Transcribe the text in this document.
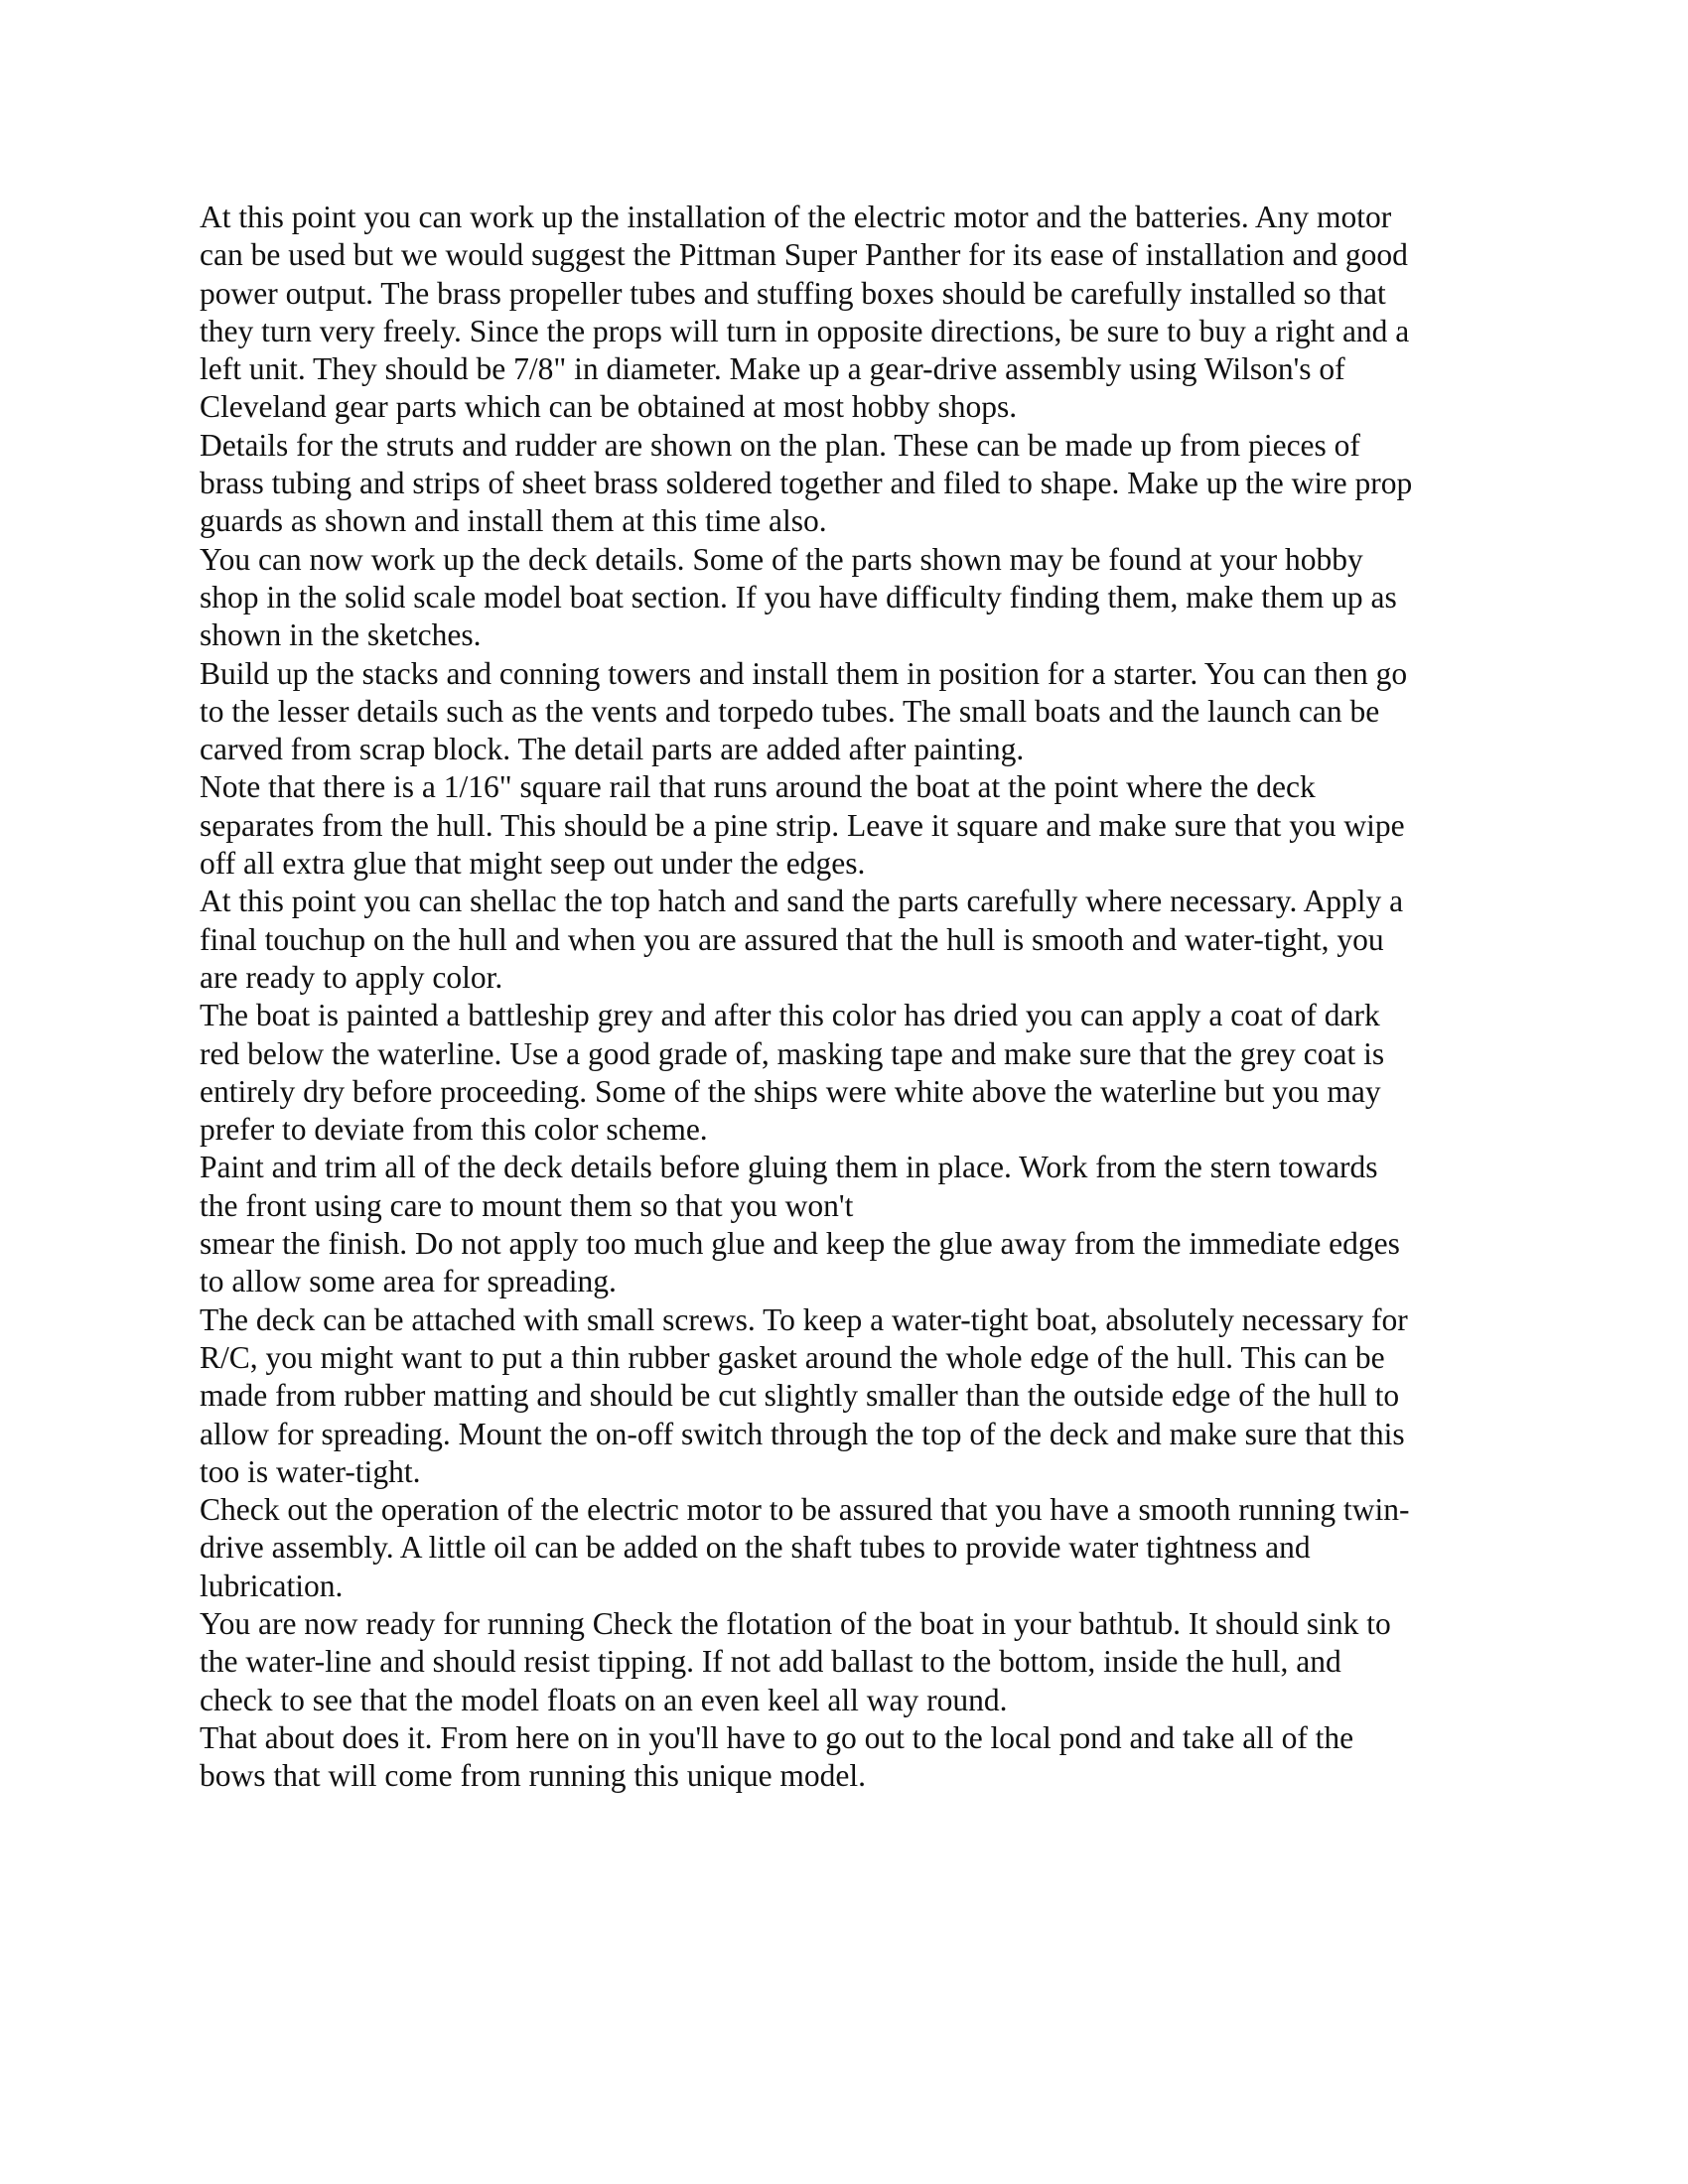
At this point you can work up the installation of the electric motor and the batteries. Any motor
can be used but we would suggest the Pittman Super Panther for its ease of installation and good
power output. The brass propeller tubes and stuffing boxes should be carefully installed so that
they turn very freely. Since the props will turn in opposite directions, be sure to buy a right and a
left unit. They should be 7/8" in diameter. Make up a gear-drive assembly using Wilson's of
Cleveland gear parts which can be obtained at most hobby shops.
Details for the struts and rudder are shown on the plan. These can be made up from pieces of
brass tubing and strips of sheet brass soldered together and filed to shape. Make up the wire prop
guards as shown and install them at this time also.
You can now work up the deck details. Some of the parts shown may be found at your hobby
shop in the solid scale model boat section. If you have difficulty finding them, make them up as
shown in the sketches.
Build up the stacks and conning towers and install them in position for a starter. You can then go
to the lesser details such as the vents and torpedo tubes. The small boats and the launch can be
carved from scrap block. The detail parts are added after painting.
Note that there is a 1/16" square rail that runs around the boat at the point where the deck
separates from the hull. This should be a pine strip. Leave it square and make sure that you wipe
off all extra glue that might seep out under the edges.
At this point you can shellac the top hatch and sand the parts carefully where necessary. Apply a
final touchup on the hull and when you are assured that the hull is smooth and water-tight, you
are ready to apply color.
The boat is painted a battleship grey and after this color has dried you can apply a coat of dark
red below the waterline. Use a good grade of, masking tape and make sure that the grey coat is
entirely dry before proceeding. Some of the ships were white above the waterline but you may
prefer to deviate from this color scheme.
Paint and trim all of the deck details before gluing them in place. Work from the stern towards
the front using care to mount them so that you won't
smear the finish. Do not apply too much glue and keep the glue away from the immediate edges
to allow some area for spreading.
The deck can be attached with small screws. To keep a water-tight boat, absolutely necessary for
R/C, you might want to put a thin rubber gasket around the whole edge of the hull. This can be
made from rubber matting and should be cut slightly smaller than the outside edge of the hull to
allow for spreading. Mount the on-off switch through the top of the deck and make sure that this
too is water-tight.
Check out the operation of the electric motor to be assured that you have a smooth running twin-
drive assembly. A little oil can be added on the shaft tubes to provide water tightness and
lubrication.
You are now ready for running Check the flotation of the boat in your bathtub. It should sink to
the water-line and should resist tipping. If not add ballast to the bottom, inside the hull, and
check to see that the model floats on an even keel all way round.
That about does it. From here on in you'll have to go out to the local pond and take all of the
bows that will come from running this unique model.
